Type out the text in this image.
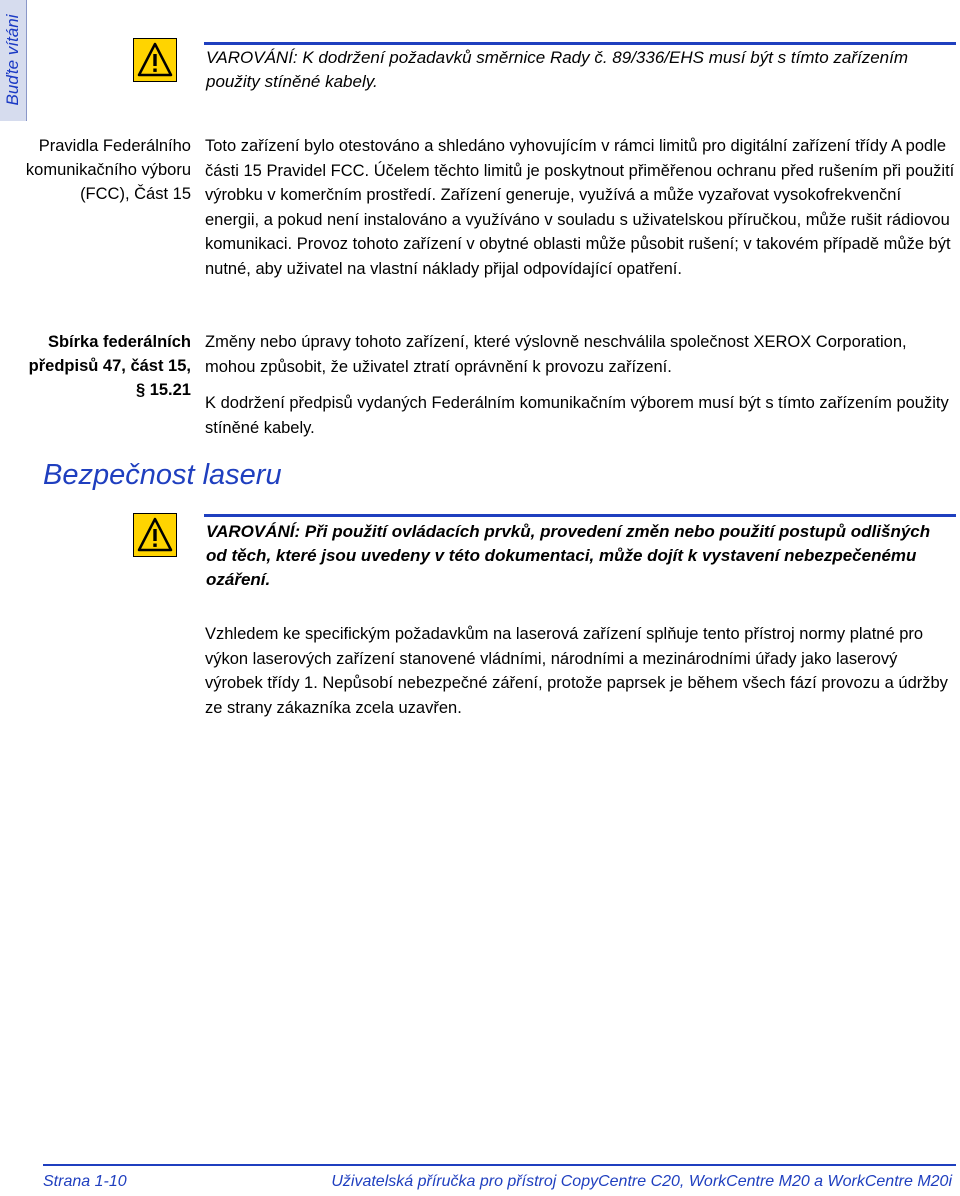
Buďte vítáni	VAROVÁNÍ: K dodržení požadavků směrnice Rady č. 89/336/EHS musí být s tímto zařízením použity stíněné kabely.
Pravidla Federálního komunikačního výboru (FCC), Část 15
Toto zařízení bylo otestováno a shledáno vyhovujícím v rámci limitů pro digitální zařízení třídy A podle části 15 Pravidel FCC. Účelem těchto limitů je poskytnout přiměřenou ochranu před rušením při použití výrobku v komerčním prostředí. Zařízení generuje, využívá a může vyzařovat vysokofrekvenční energii, a pokud není instalováno a využíváno v souladu s uživatelskou příručkou, může rušit rádiovou komunikaci. Provoz tohoto zařízení v obytné oblasti může působit rušení; v takovém případě může být nutné, aby uživatel na vlastní náklady přijal odpovídající opatření.
Sbírka federálních předpisů 47, část 15, § 15.21
Změny nebo úpravy tohoto zařízení, které výslovně neschválila společnost XEROX Corporation, mohou způsobit, že uživatel ztratí oprávnění k provozu zařízení.
K dodržení předpisů vydaných Federálním komunikačním výborem musí být s tímto zařízením použity stíněné kabely.
Bezpečnost laseru
VAROVÁNÍ: Při použití ovládacích prvků, provedení změn nebo použití postupů odlišných od těch, které jsou uvedeny v této dokumentaci, může dojít k vystavení nebezpečenému ozáření.
Vzhledem ke specifickým požadavkům na laserová zařízení splňuje tento přístroj normy platné pro výkon laserových zařízení stanovené vládními, národními a mezinárodními úřady jako laserový výrobek třídy 1. Nepůsobí nebezpečné záření, protože paprsek je během všech fází provozu a údržby ze strany zákazníka zcela uzavřen.
Strana 1-10	Uživatelská příručka pro přístroj CopyCentre C20, WorkCentre M20 a WorkCentre M20i
